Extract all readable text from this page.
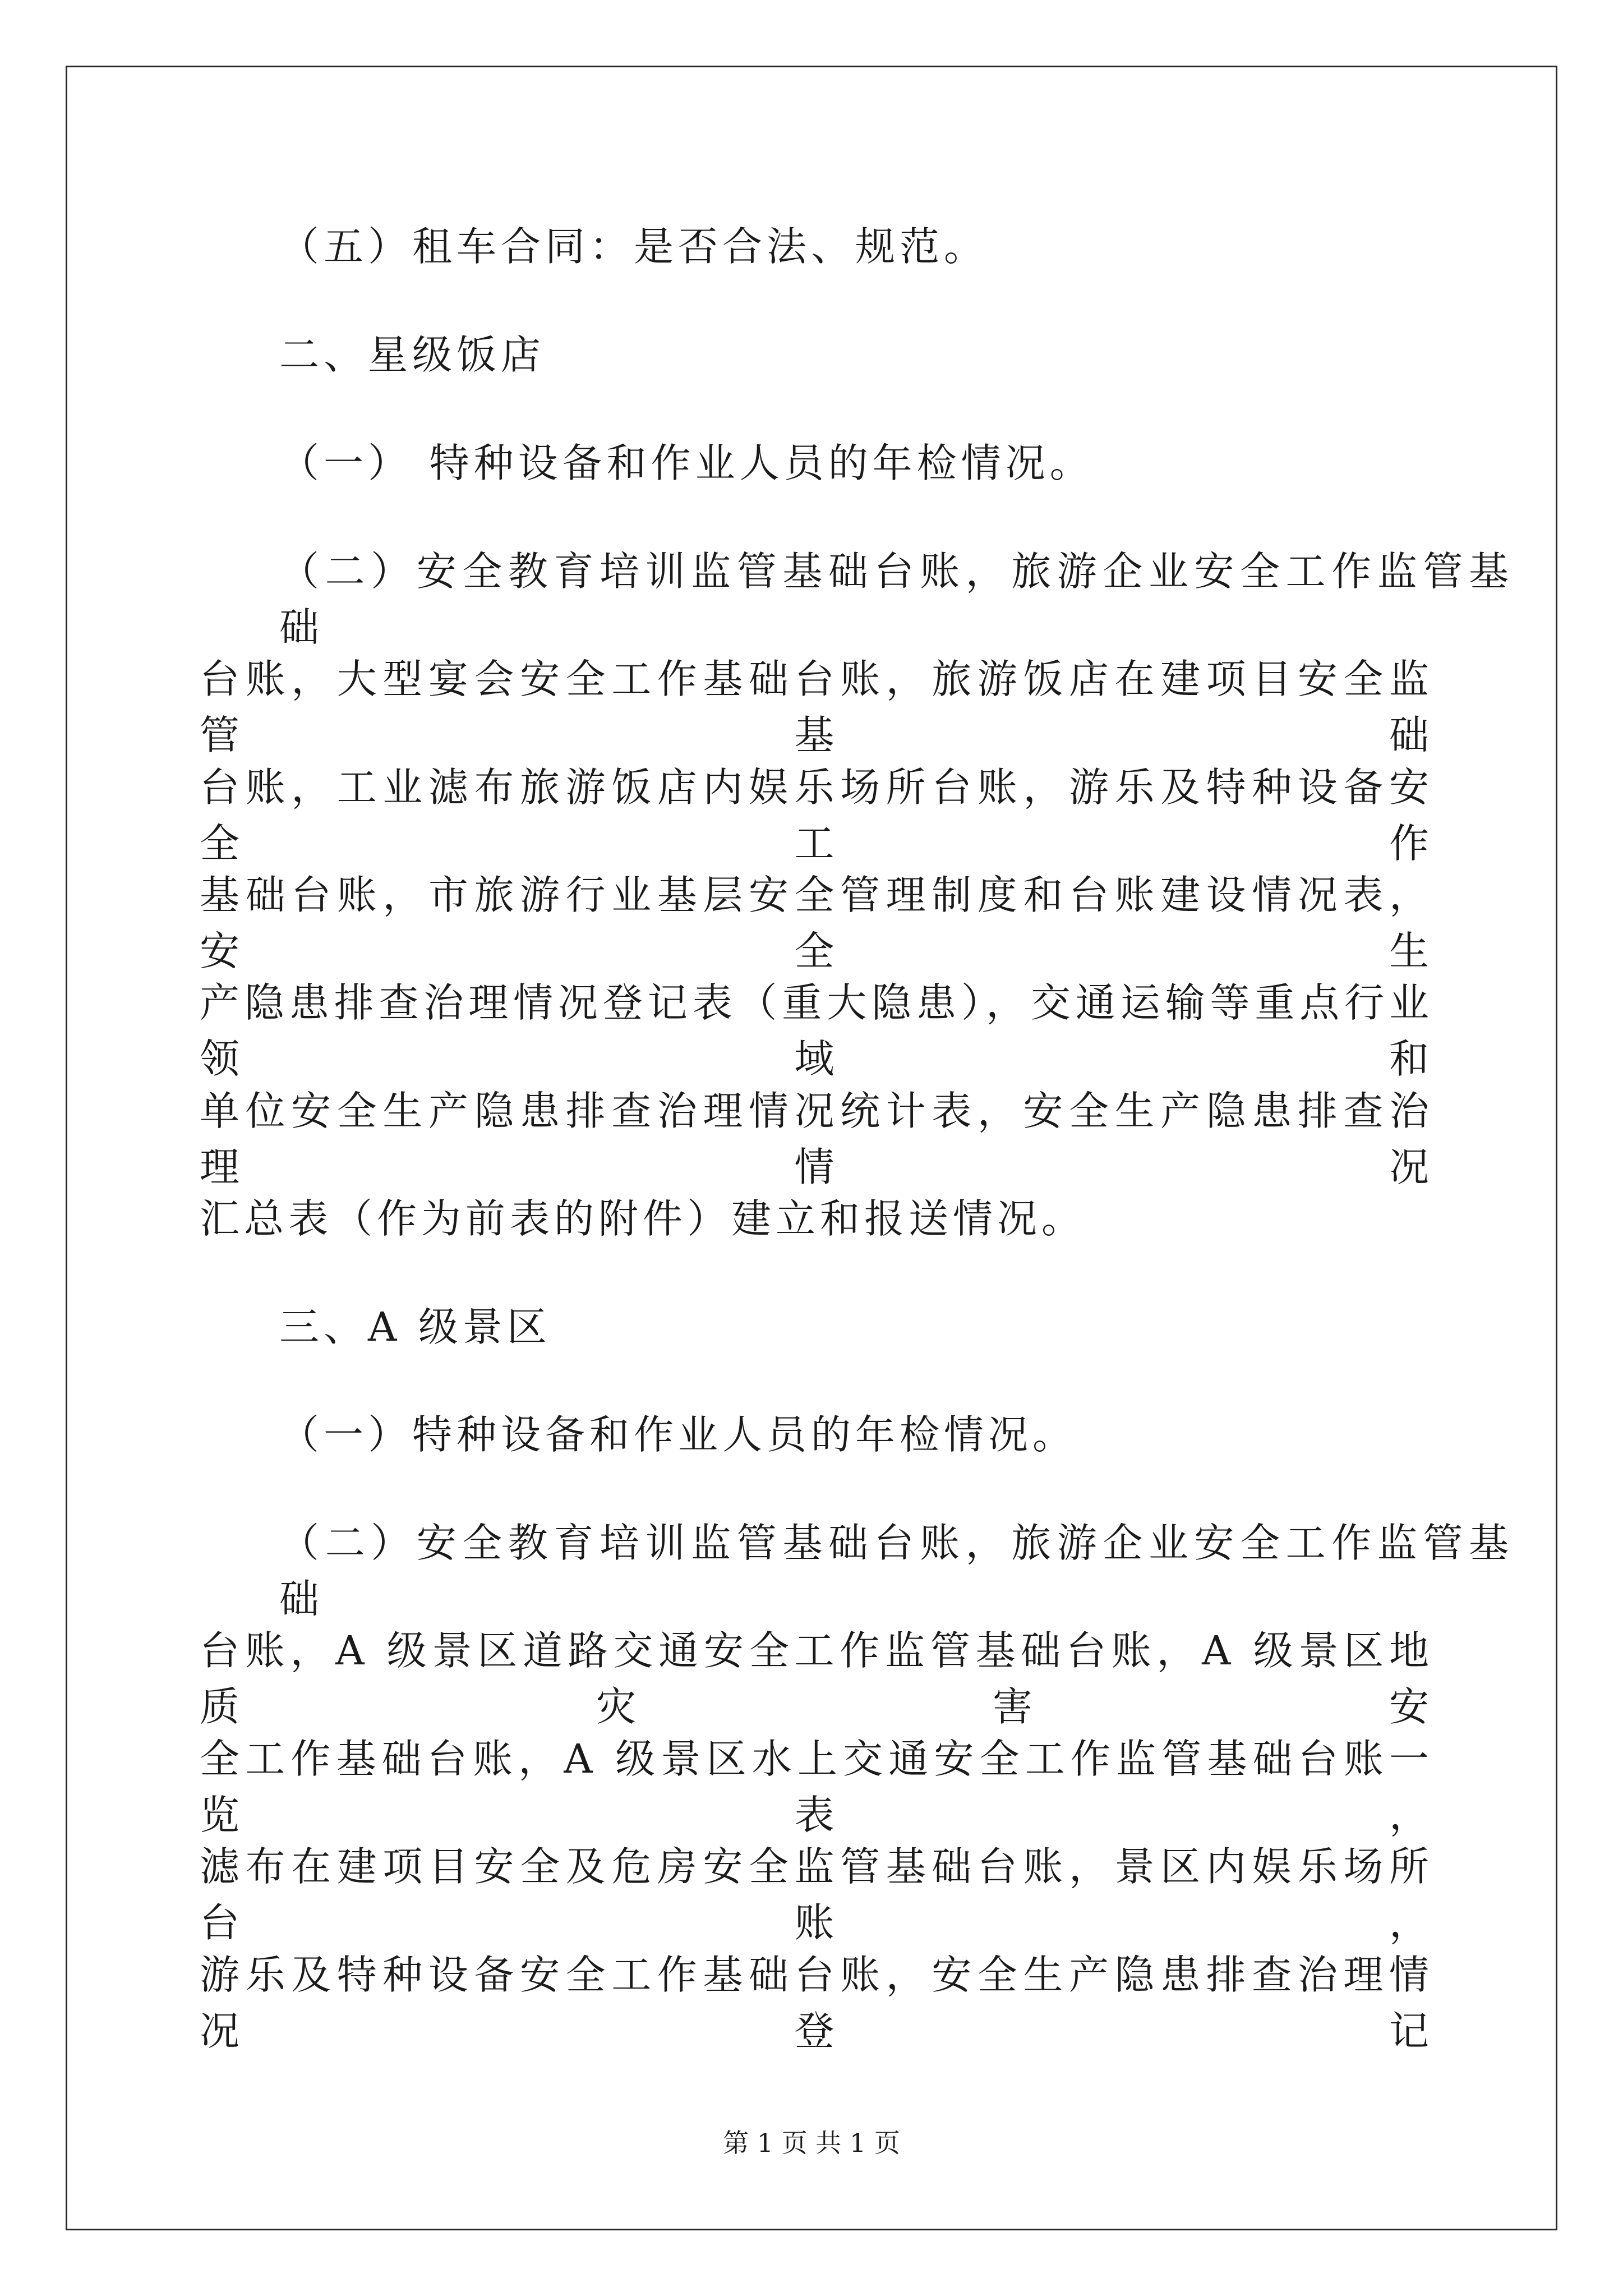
（五）租车合同：是否合法、规范。
二、星级饭店
（一） 特种设备和作业人员的年检情况。
（二）安全教育培训监管基础台账，旅游企业安全工作监管基础
台账，大型宴会安全工作基础台账，旅游饭店在建项目安全监管基础
台账，工业滤布旅游饭店内娱乐场所台账，游乐及特种设备安全工作
基础台账，市旅游行业基层安全管理制度和台账建设情况表，安全生
产隐患排查治理情况登记表（重大隐患），交通运输等重点行业领域和
单位安全生产隐患排查治理情况统计表，安全生产隐患排查治理情况
汇总表（作为前表的附件）建立和报送情况。
三、A 级景区
（一）特种设备和作业人员的年检情况。
（二）安全教育培训监管基础台账，旅游企业安全工作监管基础
台账，A 级景区道路交通安全工作监管基础台账，A 级景区地质灾害安
全工作基础台账，A 级景区水上交通安全工作监管基础台账一览表，
滤布在建项目安全及危房安全监管基础台账，景区内娱乐场所台账，
游乐及特种设备安全工作基础台账，安全生产隐患排查治理情况登记
第 1 页 共 1 页
